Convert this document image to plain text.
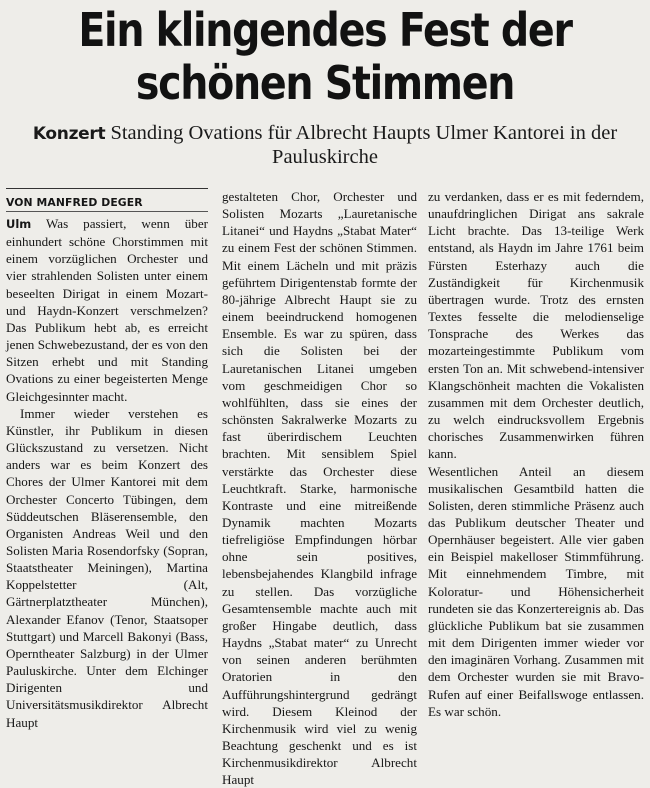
Ein klingendes Fest der
schönen Stimmen
Konzert Standing Ovations für Albrecht Haupts Ulmer Kantorei in der Pauluskirche
VON MANFRED DEGER

Ulm Was passiert, wenn über einhundert schöne Chorstimmen mit einem vorzüglichen Orchester und vier strahlenden Solisten unter einem beseelten Dirigat in einem Mozart- und Haydn-Konzert verschmelzen? Das Publikum hebt ab, es erreicht jenen Schwebezustand, der es von den Sitzen erhebt und mit Standing Ovations zu einer begeisterten Menge Gleichgesinnter macht.

Immer wieder verstehen es Künstler, ihr Publikum in diesen Glückszustand zu versetzen. Nicht anders war es beim Konzert des Chores der Ulmer Kantorei mit dem Orchester Concerto Tübingen, dem Süddeutschen Bläserensemble, den Organisten Andreas Weil und den Solisten Maria Rosendorfsky (Sopran, Staatstheater Meiningen), Martina Koppelstetter (Alt, Gärtnerplatztheater München), Alexander Efanov (Tenor, Staatsoper Stuttgart) und Marcell Bakonyi (Bass, Operntheater Salzburg) in der Ulmer Pauluskirche. Unter dem Elchinger Dirigenten und Universitätsmusikdirektor Albrecht Haupt

gestalteten Chor, Orchester und Solisten Mozarts „Lauretanische Litanei“ und Haydns „Stabat Mater“ zu einem Fest der schönen Stimmen. Mit einem Lächeln und mit präzis geführtem Dirigentenstab formte der 80-jährige Albrecht Haupt sie zu einem beeindruckend homogenen Ensemble. Es war zu spüren, dass sich die Solisten bei der Lauretanischen Litanei umgeben vom geschmeidigen Chor so wohlfühlten, dass sie eines der schönsten Sakralwerke Mozarts zu fast überirdischem Leuchten brachten. Mit sensiblem Spiel verstärkte das Orchester diese Leuchtkraft. Starke, harmonische Kontraste und eine mitreißende Dynamik machten Mozarts tiefreligiöse Empfindungen hörbar ohne sein positives, lebensbejahendes Klangbild infrage zu stellen. Das vorzügliche Gesamtensemble machte auch mit großer Hingabe deutlich, dass Haydns „Stabat mater“ zu Unrecht von seinen anderen berühmten Oratorien in den Aufführungshintergrund gedrängt wird. Diesem Kleinod der Kirchenmusik wird viel zu wenig Beachtung geschenkt und es ist Kirchenmusikdirektor Albrecht Haupt

zu verdanken, dass er es mit federndem, unaufdringlichen Dirigat ans sakrale Licht brachte. Das 13-teilige Werk entstand, als Haydn im Jahre 1761 beim Fürsten Esterhazy auch die Zuständigkeit für Kirchenmusik übertragen wurde. Trotz des ernsten Textes fesselte die melodienselige Tonsprache des Werkes das mozarteingestimmte Publikum vom ersten Ton an. Mit schwebend-intensiver Klangschönheit machten die Vokalisten zusammen mit dem Orchester deutlich, zu welch eindrucksvollem Ergebnis chorisches Zusammenwirken führen kann.

Wesentlichen Anteil an diesem musikalischen Gesamtbild hatten die Solisten, deren stimmliche Präsenz auch das Publikum deutscher Theater und Opernhäuser begeistert. Alle vier gaben ein Beispiel makelloser Stimmführung. Mit einnehmendem Timbre, mit Koloratur- und Höhensicherheit rundeten sie das Konzertereignis ab. Das glückliche Publikum bat sie zusammen mit dem Dirigenten immer wieder vor den imaginären Vorhang. Zusammen mit dem Orchester wurden sie mit Bravo-Rufen auf einer Beifallswoge entlassen. Es war schön.
